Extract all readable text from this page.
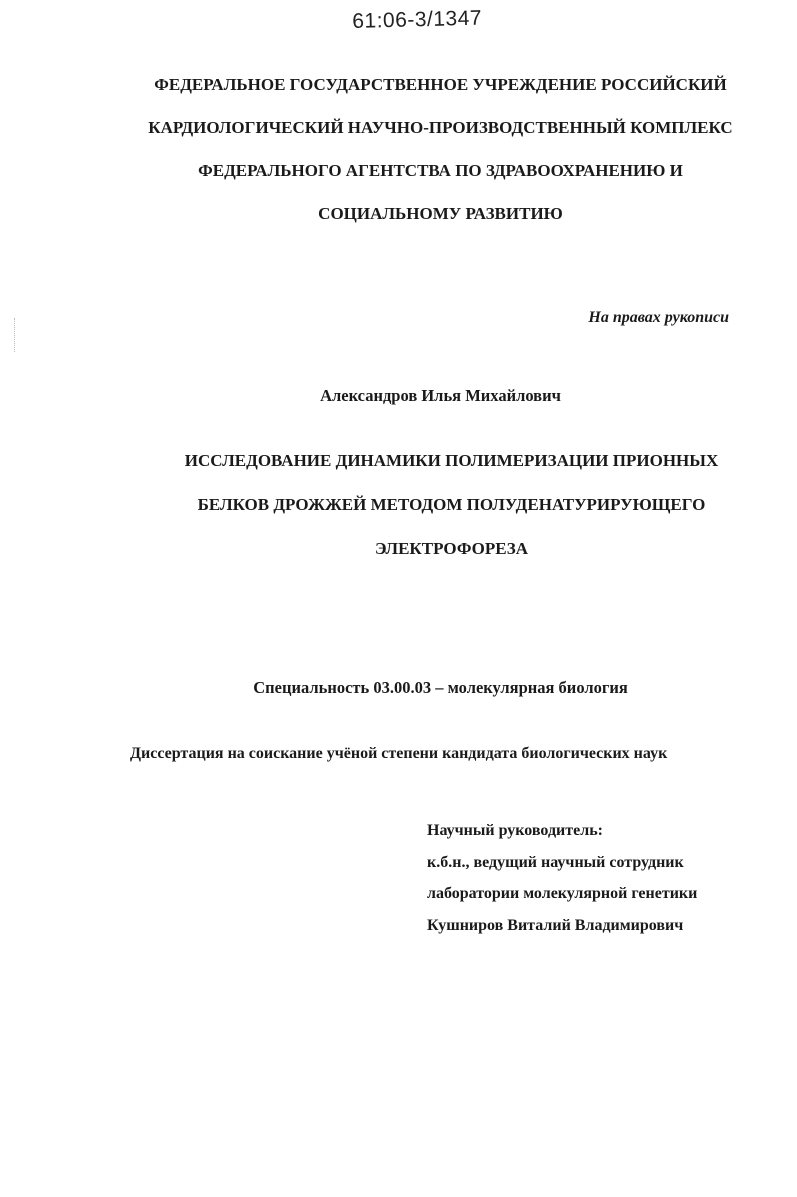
61:06-3/1347
ФЕДЕРАЛЬНОЕ ГОСУДАРСТВЕННОЕ УЧРЕЖДЕНИЕ РОССИЙСКИЙ
КАРДИОЛОГИЧЕСКИЙ НАУЧНО-ПРОИЗВОДСТВЕННЫЙ КОМПЛЕКС
ФЕДЕРАЛЬНОГО АГЕНТСТВА ПО ЗДРАВООХРАНЕНИЮ И
СОЦИАЛЬНОМУ РАЗВИТИЮ
На правах рукописи
Александров Илья Михайлович
ИССЛЕДОВАНИЕ ДИНАМИКИ ПОЛИМЕРИЗАЦИИ ПРИОННЫХ
БЕЛКОВ ДРОЖЖЕЙ МЕТОДОМ ПОЛУДЕНАТУРИРУЮЩЕГО
ЭЛЕКТРОФОРЕЗА
Специальность 03.00.03 – молекулярная биология
Диссертация на соискание учёной степени кандидата биологических наук
Научный руководитель:
к.б.н., ведущий научный сотрудник
лаборатории молекулярной генетики
Кушниров Виталий Владимирович
